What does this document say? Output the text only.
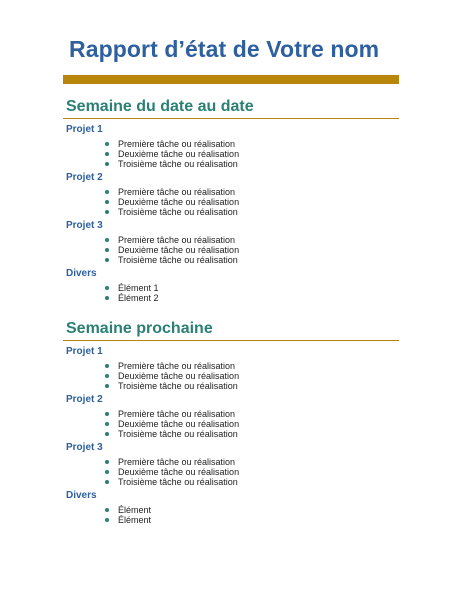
Rapport d’état de Votre nom
Semaine du date au date

Projet 1

Première tâche ou réalisation
Deuxième tâche ou réalisation
Troisième tâche ou réalisation

Projet 2

Première tâche ou réalisation
Deuxième tâche ou réalisation
Troisième tâche ou réalisation

Projet 3

Première tâche ou réalisation
Deuxième tâche ou réalisation
Troisième tâche ou réalisation

Divers

Élément 1
Élément 2
Semaine prochaine

Projet 1

Première tâche ou réalisation
Deuxième tâche ou réalisation
Troisième tâche ou réalisation

Projet 2

Première tâche ou réalisation
Deuxième tâche ou réalisation
Troisième tâche ou réalisation

Projet 3

Première tâche ou réalisation
Deuxième tâche ou réalisation
Troisième tâche ou réalisation

Divers

Élément
Élément
